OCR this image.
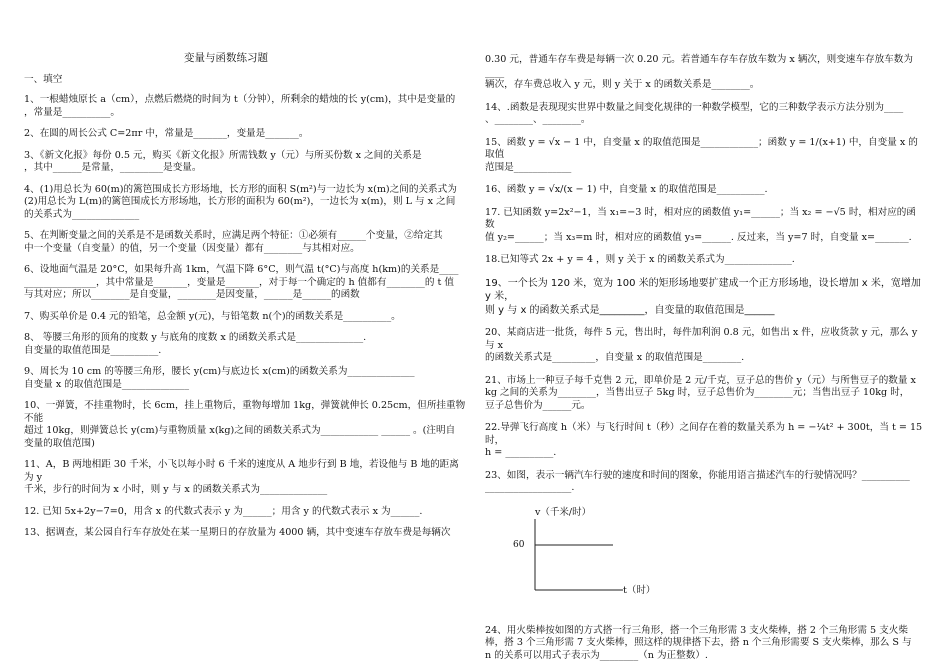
变量与函数练习题
一、填空
1、一根蜡烛原长 a（cm），点燃后燃烧的时间为 t（分钟），所剩余的蜡烛的长 y(cm)，其中是变量的
，常量是__________。
2、在圆的周长公式 C=2πr 中，常量是_______，变量是_______。
3、《新文化报》每份 0.5 元，购买《新文化报》所需钱数 y（元）与所买份数 x 之间的关系是
，其中______是常量，_________是变量。
4、(1)用总长为 60(m)的篱笆围成长方形场地，长方形的面积 S(m²)与一边长为 x(m)之间的关系式为
(2)用总长为 L(m)的篱笆围成长方形场地，长方形的面积为 60(m²)，一边长为 x(m)，则 L 与 x 之间
的关系式为______________
5、在判断变量之间的关系是不是函数关系时，应满足两个特征：①必须有______个变量，②给定其
中一个变量（自变量）的值，另一个变量（因变量）都有________与其相对应。
6、设地面气温是 20°C，如果每升高 1km，气温下降 6°C，则气温 t(°C)与高度 h(km)的关系是____
_______________，其中常量是_______，变量是_______，对于每一个确定的 h 值都有________的 t 值
与其对应；所以________是自变量，________是因变量，______是______的函数
7、购买单价是 0.4 元的铅笔，总金额 y(元)，与铅笔数 n(个)的函数关系是__________。
8、 等腰三角形的顶角的度数 y 与底角的度数 x 的函数关系式是______________.
自变量的取值范围是__________.
9、周长为 10 cm 的等腰三角形，腰长 y(cm)与底边长 x(cm)的函数关系为______________
自变量 x 的取值范围是______________
10、一弹簧，不挂重物时，长 6cm，挂上重物后，重物每增加 1kg，弹簧就伸长 0.25cm，但所挂重物不能
超过 10kg，则弹簧总长 y(cm)与重物质量 x(kg)之间的函数关系式为____________ ______ 。(注明自
变量的取值范围)
11、A，B 两地相距 30 千米，小飞以每小时 6 千米的速度从 A 地步行到 B 地，若设他与 B 地的距离为 y
千米，步行的时间为 x 小时，则 y 与 x 的函数关系式为______________
12. 已知 5x+2y−7=0，用含 x 的代数式表示 y 为______；用含 y 的代数式表示 x 为______.
13、据调查，某公园自行车存放处在某一星期日的存放量为 4000 辆，其中变速车存放车费是每辆次
0.30 元，普通车存车费是每辆一次 0.20 元。若普通车存车存放车数为 x 辆次，则变速车存放车数为____
辆次，存车费总收入 y 元，则 y 关于 x 的函数关系是________。
14、.函数是表现现实世界中数量之间变化规律的一种数学模型，它的三种数学表示方法分别为____
、________、________。
15、函数 y = √x − 1 中，自变量 x 的取值范围是____________；函数 y = 1/(x+1) 中，自变量 x 的取值
范围是____________
16、函数 y = √x/(x − 1) 中，自变量 x 的取值范围是__________.
17. 已知函数 y=2x²−1，当 x₁=−3 时，相对应的函数值 y₁=______；当 x₂ = −√5 时，相对应的函数
值 y₂=______；当 x₃=m 时，相对应的函数值 y₃=______. 反过来，当 y=7 时，自变量 x=_______.
18.已知等式 2x + y = 4 ，则 y 关于 x 的函数关系式为______________.
19、一个长为 120 米，宽为 100 米的矩形场地要扩建成一个正方形场地，设长增加 x 米，宽增加 y 米，
则 y 与 x 的函数关系式是_________，自变量的取值范围是______
20、某商店进一批货，每件 5 元，售出时，每件加利润 0.8 元，如售出 x 件，应收货款 y 元，那么 y 与 x
的函数关系式是_________，自变量 x 的取值范围是________.
21、市场上一种豆子每千克售 2 元，即单价是 2 元/千克，豆子总的售价 y（元）与所售豆子的数量 x
kg 之间的关系为________，当售出豆子 5kg 时，豆子总售价为________元；当售出豆子 10kg 时，
豆子总售价为______元。
22.导弹飞行高度 h（米）与飞行时间 t（秒）之间存在着的数量关系为 h = −¼t² + 300t，当 t = 15 时，
h = __________.
23、如图，表示一辆汽车行驶的速度和时间的图象，你能用语言描述汽车的行驶情况吗？__________
__________________.
v（千米/时）
60
t（时）
24、用火柴棒按如图的方式搭一行三角形，搭一个三角形需 3 支火柴棒，搭 2 个三角形需 5 支火柴
棒，搭 3 个三角形需 7 支火柴棒，照这样的规律搭下去，搭 n 个三角形需要 S 支火柴棒，那么 S 与
n 的关系可以用式子表示为________（n 为正整数）.
